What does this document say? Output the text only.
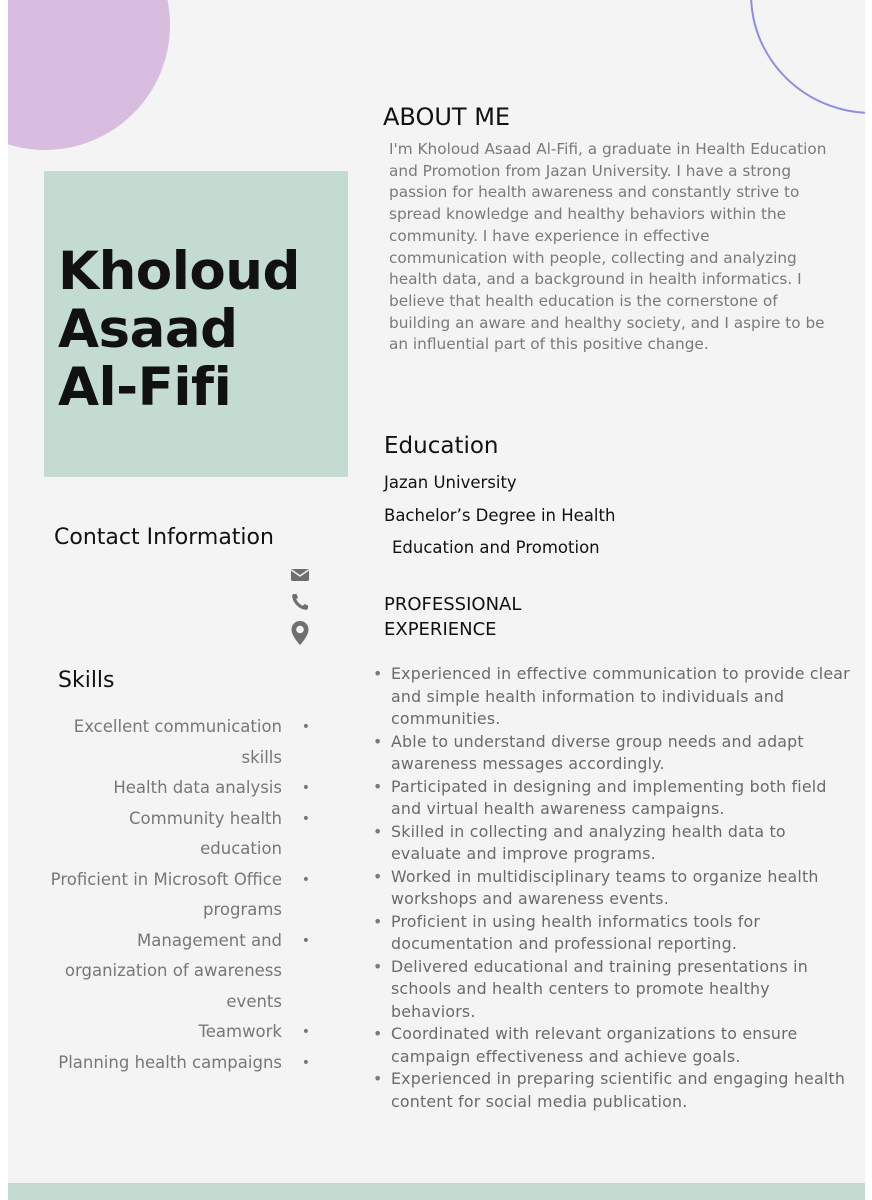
Kholoud
Asaad
Al-Fifi
ABOUT ME

I'm Kholoud Asaad Al-Fifi, a graduate in Health Education and Promotion from Jazan University. I have a strong passion for health awareness and constantly strive to spread knowledge and healthy behaviors within the community. I have experience in effective communication with people, collecting and analyzing health data, and a background in health informatics. I believe that health education is the cornerstone of building an aware and healthy society, and I aspire to be an influential part of this positive change.

Education

Jazan University

Bachelor’s Degree in Health

Education and Promotion

PROFESSIONAL
EXPERIENCE
• Experienced in effective communication to provide clear and simple health information to individuals and communities.
• Able to understand diverse group needs and adapt awareness messages accordingly.
• Participated in designing and implementing both field and virtual health awareness campaigns.
• Skilled in collecting and analyzing health data to evaluate and improve programs.
• Worked in multidisciplinary teams to organize health workshops and awareness events.
• Proficient in using health informatics tools for documentation and professional reporting.
• Delivered educational and training presentations in schools and health centers to promote healthy behaviors.
• Coordinated with relevant organizations to ensure campaign effectiveness and achieve goals.
• Experienced in preparing scientific and engaging health content for social media publication.
Contact Information
Skills
Excellent communication skills •
Health data analysis •
Community health education •
Proficient in Microsoft Office programs •
Management and organization of awareness events •
Teamwork •
Planning health campaigns •
